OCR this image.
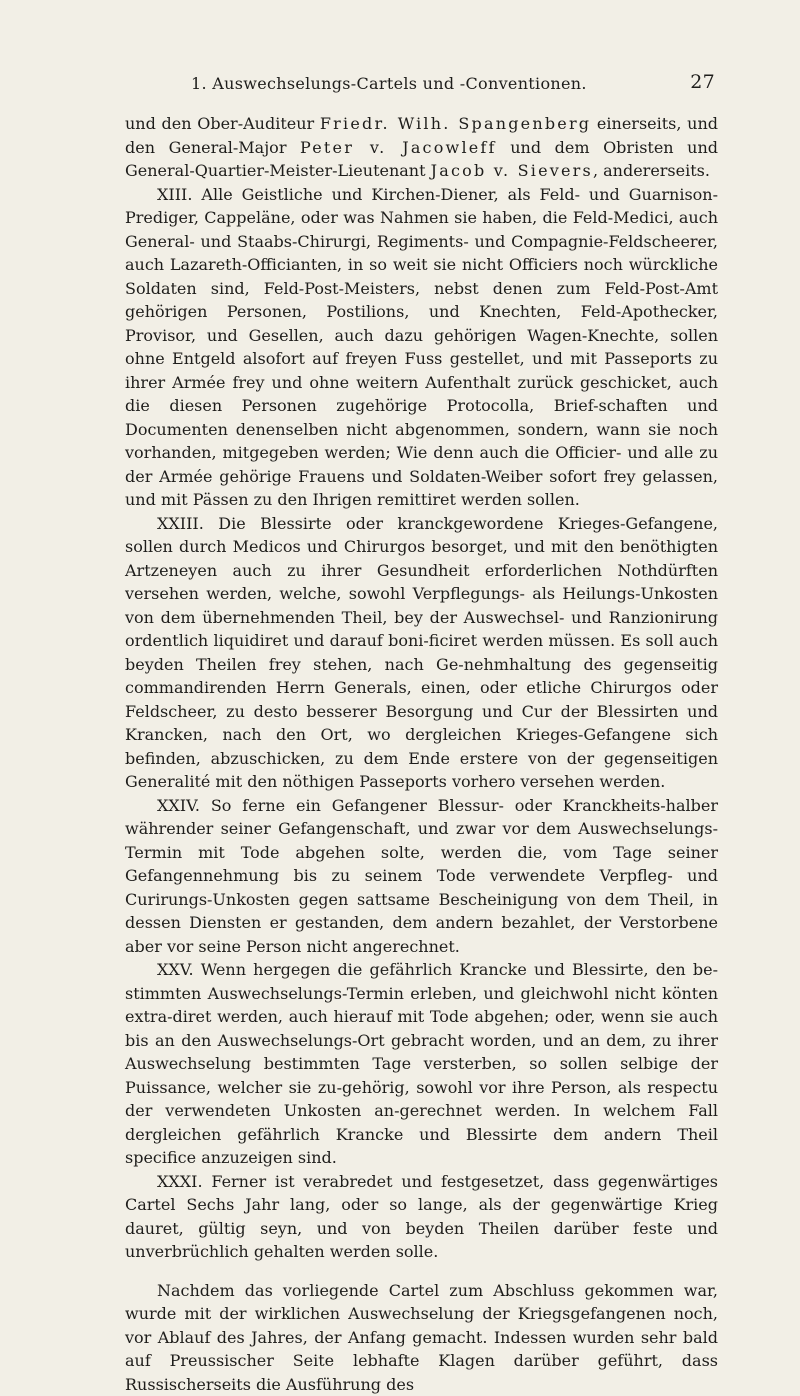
1. Auswechselungs-Cartels und -Conventionen.	27

und den Ober-Auditeur Friedr. Wilh. Spangenberg einerseits, und den General-Major Peter v. Jacowleff und dem Obristen und General-Quartier-Meister-Lieutenant Jacob v. Sievers, andererseits.

XIII. Alle Geistliche und Kirchen-Diener, als Feld- und Guarnison-Prediger, Cappeläne, oder was Nahmen sie haben, die Feld-Medici, auch General- und Staabs-Chirurgi, Regiments- und Compagnie-Feldscheerer, auch Lazareth-Officianten, in so weit sie nicht Officiers noch würckliche Soldaten sind, Feld-Post-Meisters, nebst denen zum Feld-Post-Amt gehörigen Personen, Postilions, und Knechten, Feld-Apothecker, Provisor, und Gesellen, auch dazu gehörigen Wagen-Knechte, sollen ohne Entgeld alsofort auf freyen Fuss gestellet, und mit Passeports zu ihrer Armée frey und ohne weitern Aufenthalt zurück geschicket, auch die diesen Personen zugehörige Protocolla, Brief-schaften und Documenten denenselben nicht abgenommen, sondern, wann sie noch vorhanden, mitgegeben werden; Wie denn auch die Officier- und alle zu der Armée gehörige Frauens und Soldaten-Weiber sofort frey gelassen, und mit Pässen zu den Ihrigen remittiret werden sollen.

XXIII. Die Blessirte oder kranckgewordene Krieges-Gefangene, sollen durch Medicos und Chirurgos besorget, und mit den benöthigten Artzeneyen auch zu ihrer Gesundheit erforderlichen Nothdürften versehen werden, welche, sowohl Verpflegungs- als Heilungs-Unkosten von dem übernehmenden Theil, bey der Auswechsel- und Ranzionirung ordentlich liquidiret und darauf boni-ficiret werden müssen. Es soll auch beyden Theilen frey stehen, nach Ge-nehmhaltung des gegenseitig commandirenden Herrn Generals, einen, oder etliche Chirurgos oder Feldscheer, zu desto besserer Besorgung und Cur der Blessirten und Krancken, nach den Ort, wo dergleichen Krieges-Gefangene sich befinden, abzuschicken, zu dem Ende erstere von der gegenseitigen Generalité mit den nöthigen Passeports vorhero versehen werden.

XXIV. So ferne ein Gefangener Blessur- oder Kranckheits-halber währender seiner Gefangenschaft, und zwar vor dem Auswechselungs-Termin mit Tode abgehen solte, werden die, vom Tage seiner Gefangennehmung bis zu seinem Tode verwendete Verpfleg- und Curirungs-Unkosten gegen sattsame Bescheinigung von dem Theil, in dessen Diensten er gestanden, dem andern bezahlet, der Verstorbene aber vor seine Person nicht angerechnet.

XXV. Wenn hergegen die gefährlich Krancke und Blessirte, den be-stimmten Auswechselungs-Termin erleben, und gleichwohl nicht könten extra-diret werden, auch hierauf mit Tode abgehen; oder, wenn sie auch bis an den Auswechselungs-Ort gebracht worden, und an dem, zu ihrer Auswechselung bestimmten Tage versterben, so sollen selbige der Puissance, welcher sie zu-gehörig, sowohl vor ihre Person, als respectu der verwendeten Unkosten an-gerechnet werden. In welchem Fall dergleichen gefährlich Krancke und Blessirte dem andern Theil specifice anzuzeigen sind.

XXXI. Ferner ist verabredet und festgesetzet, dass gegenwärtiges Cartel Sechs Jahr lang, oder so lange, als der gegenwärtige Krieg dauret, gültig seyn, und von beyden Theilen darüber feste und unverbrüchlich gehalten werden solle.

Nachdem das vorliegende Cartel zum Abschluss gekommen war, wurde mit der wirklichen Auswechselung der Kriegsgefangenen noch, vor Ablauf des Jahres, der Anfang gemacht. Indessen wurden sehr bald auf Preussischer Seite lebhafte Klagen darüber geführt, dass Russischerseits die Ausführung des
